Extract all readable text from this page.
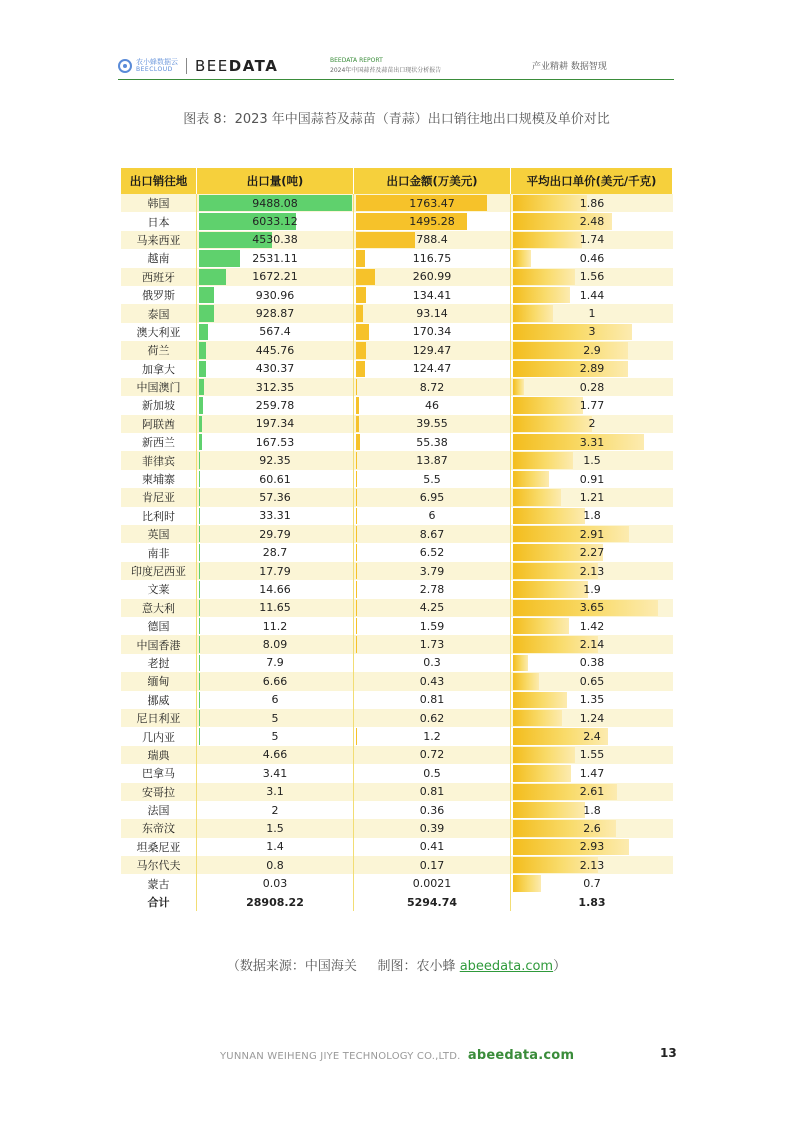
农小蜂数据云
BEECLOUD	BEEDATA	BEEDATA REPORT
2024年中国蒜苔及蒜苗出口现状分析报告	产业精耕 数据智现
图表 8：2023 年中国蒜苔及蒜苗（青蒜）出口销往地出口规模及单价对比
出口销往地	出口量(吨)	出口金额(万美元)	平均出口单价(美元/千克)
韩国	9488.08	1763.47	1.86
日本	6033.12	1495.28	2.48
马来西亚	4530.38	788.4	1.74
越南	2531.11	116.75	0.46
西班牙	1672.21	260.99	1.56
俄罗斯	930.96	134.41	1.44
泰国	928.87	93.14	1
澳大利亚	567.4	170.34	3
荷兰	445.76	129.47	2.9
加拿大	430.37	124.47	2.89
中国澳门	312.35	8.72	0.28
新加坡	259.78	46	1.77
阿联酋	197.34	39.55	2
新西兰	167.53	55.38	3.31
菲律宾	92.35	13.87	1.5
柬埔寨	60.61	5.5	0.91
肯尼亚	57.36	6.95	1.21
比利时	33.31	6	1.8
英国	29.79	8.67	2.91
南非	28.7	6.52	2.27
印度尼西亚	17.79	3.79	2.13
文莱	14.66	2.78	1.9
意大利	11.65	4.25	3.65
德国	11.2	1.59	1.42
中国香港	8.09	1.73	2.14
老挝	7.9	0.3	0.38
缅甸	6.66	0.43	0.65
挪威	6	0.81	1.35
尼日利亚	5	0.62	1.24
几内亚	5	1.2	2.4
瑞典	4.66	0.72	1.55
巴拿马	3.41	0.5	1.47
安哥拉	3.1	0.81	2.61
法国	2	0.36	1.8
东帝汶	1.5	0.39	2.6
坦桑尼亚	1.4	0.41	2.93
马尔代夫	0.8	0.17	2.13
蒙古	0.03	0.0021	0.7
合计	28908.22	5294.74	1.83
（数据来源：中国海关 制图：农小蜂 abeedata.com）
YUNNAN WEIHENG JIYE TECHNOLOGY CO.,LTD. abeedata.com	13
